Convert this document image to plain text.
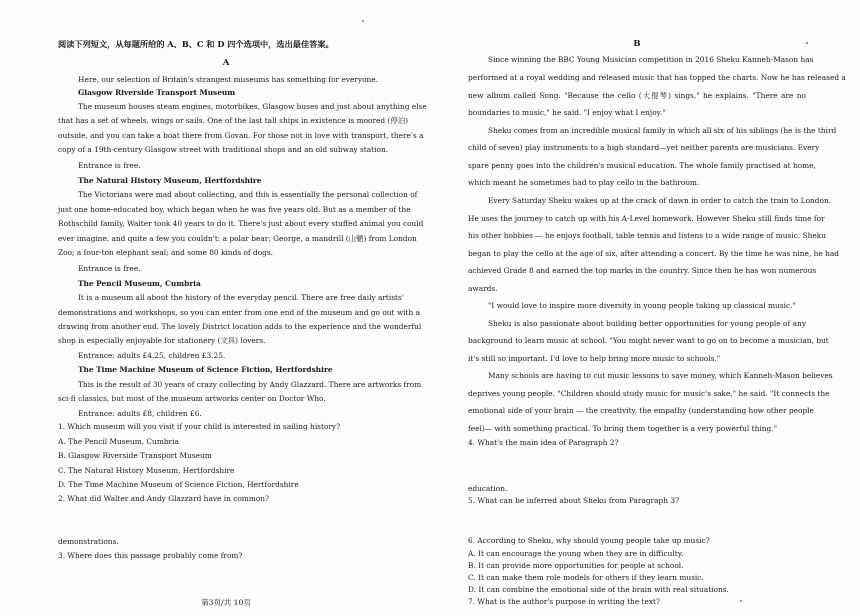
阅读下列短文，从每题所给的 A、B、C 和 D 四个选项中，选出最佳答案。
A
Here, our selection of Britain's strangest museums has something for everyone.
Glasgow Riverside Transport Museum
The museum houses steam engines, motorbikes, Glasgow buses and just about anything else
that has a set of wheels, wings or sails. One of the last tall ships in existence is moored (停泊)
outside, and you can take a boat there from Govan. For those not in love with transport, there's a
copy of a 19th-century Glasgow street with traditional shops and an old subway station.
Entrance is free.
The Natural History Museum, Hertfordshire
The Victorians were mad about collecting, and this is essentially the personal collection of
just one home-educated boy, which began when he was five years old. But as a member of the
Rothschild family, Walter took 40 years to do it. There's just about every stuffed animal you could
ever imagine, and quite a few you couldn't: a polar bear; George, a mandrill (山魈) from London
Zoo; a four-ton elephant seal; and some 80 kinds of dogs.
Entrance is free.
The Pencil Museum, Cumbria
It is a museum all about the history of the everyday pencil. There are free daily artists'
demonstrations and workshops, so you can enter from one end of the museum and go out with a
drawing from another end. The lovely District location adds to the experience and the wonderful
shop is especially enjoyable for stationery (文具) lovers.
Entrance: adults £4.25, children £3.25.
The Time Machine Museum of Science Fiction, Hertfordshire
This is the result of 30 years of crazy collecting by Andy Glazzard. There are artworks from
sci-fi classics, but most of the museum artworks center on Doctor Who.
Entrance: adults £8, children £6.
1. Which museum will you visit if your child is interested in sailing history?
A. The Pencil Museum, Cumbria
B. Glasgow Riverside Transport Museum
C. The Natural History Museum, Hertfordshire
D. The Time Machine Museum of Science Fiction, Hertfordshire
2. What did Walter and Andy Glazzard have in common?
demonstrations.
3. Where does this passage probably come from?
第3页/共 10页
B
Since winning the BBC Young Musician competition in 2016 Sheku Kanneh-Mason has
performed at a royal wedding and released music that has topped the charts. Now he has released a
new album called Song. "Because the cello (大提琴) sings," he explains. "There are no
boundaries to music," he said. "I enjoy what I enjoy."
Sheku comes from an incredible musical family in which all six of his siblings (he is the third
child of seven) play instruments to a high standard—yet neither parents are musicians. Every
spare penny goes into the children's musical education. The whole family practised at home,
which meant he sometimes had to play cello in the bathroom.
Every Saturday Sheku wakes up at the crack of dawn in order to catch the train to London.
He uses the journey to catch up with his A-Level homework. However Sheku still finds time for
his other hobbies — he enjoys football, table tennis and listens to a wide range of music. Sheku
began to play the cello at the age of six, after attending a concert. By the time he was nine, he had
achieved Grade 8 and earned the top marks in the country. Since then he has won numerous
awards.
"I would love to inspire more diversity in young people taking up classical music."
Sheku is also passionate about building better opportunities for young people of any
background to learn music at school. "You might never want to go on to become a musician, but
it's still so important. I'd love to help bring more music to schools."
Many schools are having to cut music lessons to save money, which Kanneh-Mason believes
deprives young people. "Children should study music for music's sake," he said. "It connects the
emotional side of your brain — the creativity, the empathy (understanding how other people
feel)— with something practical. To bring them together is a very powerful thing."
4. What's the main idea of Paragraph 2?
education.
5. What can be inferred about Sheku from Paragraph 3?
6. According to Sheku, why should young people take up music?
A. It can encourage the young when they are in difficulty.
B. It can provide more opportunities for people at school.
C. It can make them role models for others if they learn music.
D. It can combine the emotional side of the brain with real situations.
7. What is the author's purpose in writing the text?
